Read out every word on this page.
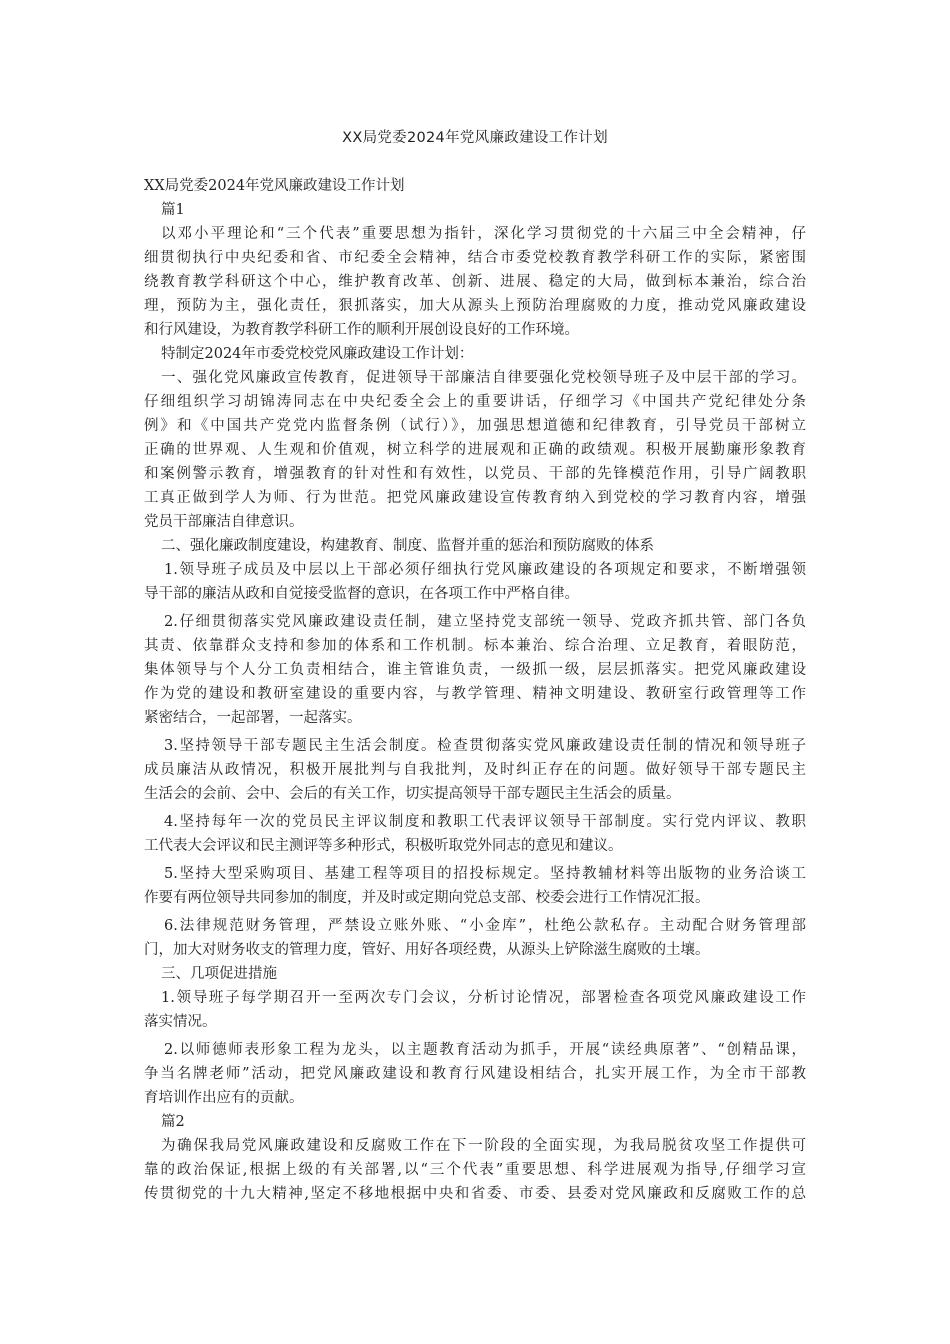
XX局党委2024年党风廉政建设工作计划
XX局党委2024年党风廉政建设工作计划
篇1
以邓小平理论和“三个代表”重要思想为指针，深化学习贯彻党的十六届三中全会精神，仔
细贯彻执行中央纪委和省、市纪委全会精神，结合市委党校教育教学科研工作的实际，紧密围
绕教育教学科研这个中心，维护教育改革、创新、进展、稳定的大局，做到标本兼治，综合治
理，预防为主，强化责任，狠抓落实，加大从源头上预防治理腐败的力度，推动党风廉政建设
和行风建设，为教育教学科研工作的顺利开展创设良好的工作环境。
特制定2024年市委党校党风廉政建设工作计划：
一、强化党风廉政宣传教育，促进领导干部廉洁自律要强化党校领导班子及中层干部的学习。
仔细组织学习胡锦涛同志在中央纪委全会上的重要讲话，仔细学习《中国共产党纪律处分条
例》和《中国共产党党内监督条例（试行）》，加强思想道德和纪律教育，引导党员干部树立
正确的世界观、人生观和价值观，树立科学的进展观和正确的政绩观。积极开展勤廉形象教育
和案例警示教育，增强教育的针对性和有效性，以党员、干部的先锋模范作用，引导广阔教职
工真正做到学人为师、行为世范。把党风廉政建设宣传教育纳入到党校的学习教育内容，增强
党员干部廉洁自律意识。
二、强化廉政制度建设，构建教育、制度、监督并重的惩治和预防腐败的体系
1.领导班子成员及中层以上干部必须仔细执行党风廉政建设的各项规定和要求，不断增强领
导干部的廉洁从政和自觉接受监督的意识，在各项工作中严格自律。
2.仔细贯彻落实党风廉政建设责任制，建立坚持党支部统一领导、党政齐抓共管、部门各负
其责、依靠群众支持和参加的体系和工作机制。标本兼治、综合治理、立足教育，着眼防范，
集体领导与个人分工负责相结合，谁主管谁负责，一级抓一级，层层抓落实。把党风廉政建设
作为党的建设和教研室建设的重要内容，与教学管理、精神文明建设、教研室行政管理等工作
紧密结合，一起部署，一起落实。
3.坚持领导干部专题民主生活会制度。检查贯彻落实党风廉政建设责任制的情况和领导班子
成员廉洁从政情况，积极开展批判与自我批判，及时纠正存在的问题。做好领导干部专题民主
生活会的会前、会中、会后的有关工作，切实提高领导干部专题民主生活会的质量。
4.坚持每年一次的党员民主评议制度和教职工代表评议领导干部制度。实行党内评议、教职
工代表大会评议和民主测评等多种形式，积极听取党外同志的意见和建议。
5.坚持大型采购项目、基建工程等项目的招投标规定。坚持教辅材料等出版物的业务洽谈工
作要有两位领导共同参加的制度，并及时或定期向党总支部、校委会进行工作情况汇报。
6.法律规范财务管理，严禁设立账外账、“小金库”，杜绝公款私存。主动配合财务管理部
门，加大对财务收支的管理力度，管好、用好各项经费，从源头上铲除滋生腐败的土壤。
三、几项促进措施
1.领导班子每学期召开一至两次专门会议，分析讨论情况，部署检查各项党风廉政建设工作
落实情况。
2.以师德师表形象工程为龙头，以主题教育活动为抓手，开展“读经典原著”、“创精品课，
争当名牌老师”活动，把党风廉政建设和教育行风建设相结合，扎实开展工作，为全市干部教
育培训作出应有的贡献。
篇2
为确保我局党风廉政建设和反腐败工作在下一阶段的全面实现，为我局脱贫攻坚工作提供可
靠的政治保证,根据上级的有关部署,以“三个代表”重要思想、科学进展观为指导,仔细学习宣
传贯彻党的十九大精神,坚定不移地根据中央和省委、市委、县委对党风廉政和反腐败工作的总
